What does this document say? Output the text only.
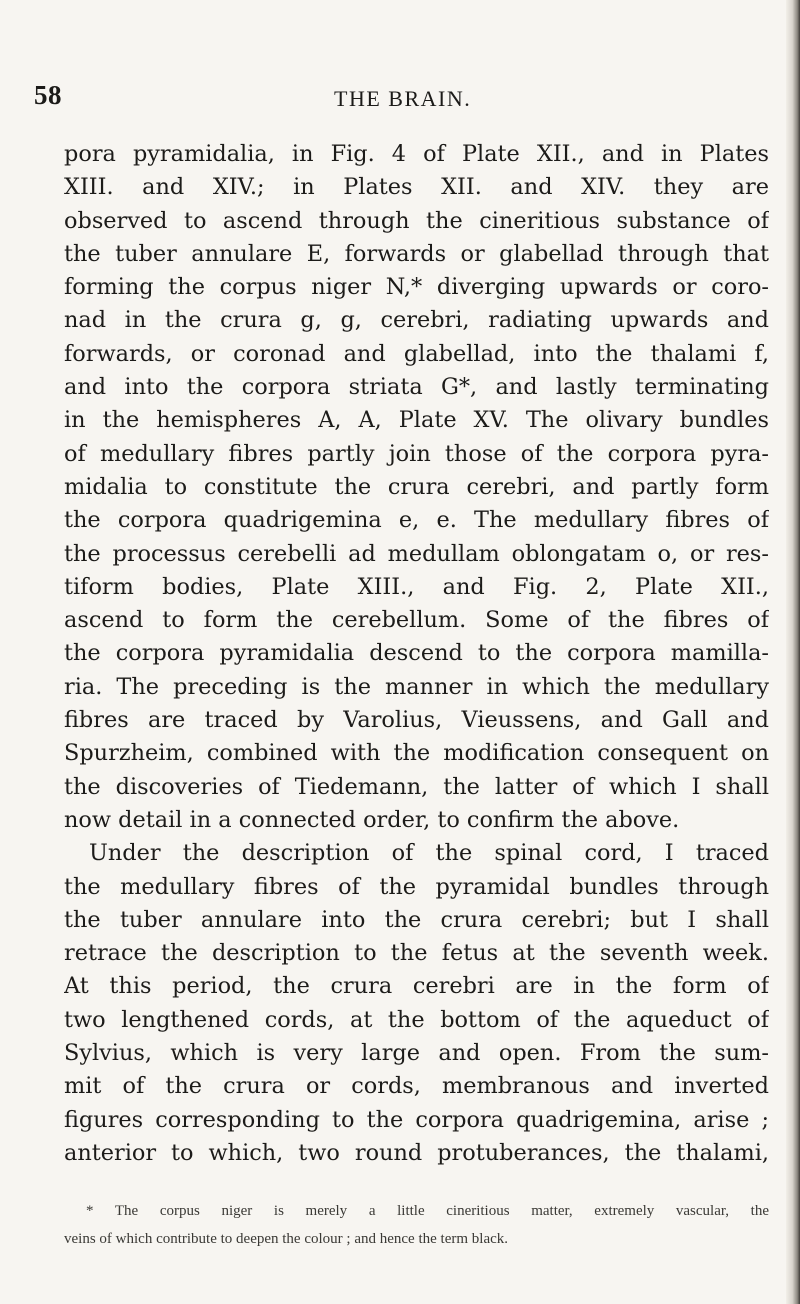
58	THE BRAIN.
pora pyramidalia, in Fig. 4 of Plate XII., and in Plates
XIII. and XIV.; in Plates XII. and XIV. they are
observed to ascend through the cineritious substance of
the tuber annulare E, forwards or glabellad through that
forming the corpus niger N,* diverging upwards or coro-
nad in the crura g, g, cerebri, radiating upwards and
forwards, or coronad and glabellad, into the thalami f,
and into the corpora striata G*, and lastly terminating
in the hemispheres A, A, Plate XV. The olivary bundles
of medullary fibres partly join those of the corpora pyra-
midalia to constitute the crura cerebri, and partly form
the corpora quadrigemina e, e. The medullary fibres of
the processus cerebelli ad medullam oblongatam o, or res-
tiform bodies, Plate XIII., and Fig. 2, Plate XII.,
ascend to form the cerebellum. Some of the fibres of
the corpora pyramidalia descend to the corpora mamilla-
ria. The preceding is the manner in which the medullary
fibres are traced by Varolius, Vieussens, and Gall and
Spurzheim, combined with the modification consequent on
the discoveries of Tiedemann, the latter of which I shall
now detail in a connected order, to confirm the above.
Under the description of the spinal cord, I traced
the medullary fibres of the pyramidal bundles through
the tuber annulare into the crura cerebri; but I shall
retrace the description to the fetus at the seventh week.
At this period, the crura cerebri are in the form of
two lengthened cords, at the bottom of the aqueduct of
Sylvius, which is very large and open. From the sum-
mit of the crura or cords, membranous and inverted
figures corresponding to the corpora quadrigemina, arise ;
anterior to which, two round protuberances, the thalami,
* The corpus niger is merely a little cineritious matter, extremely vascular, the
veins of which contribute to deepen the colour ; and hence the term black.
